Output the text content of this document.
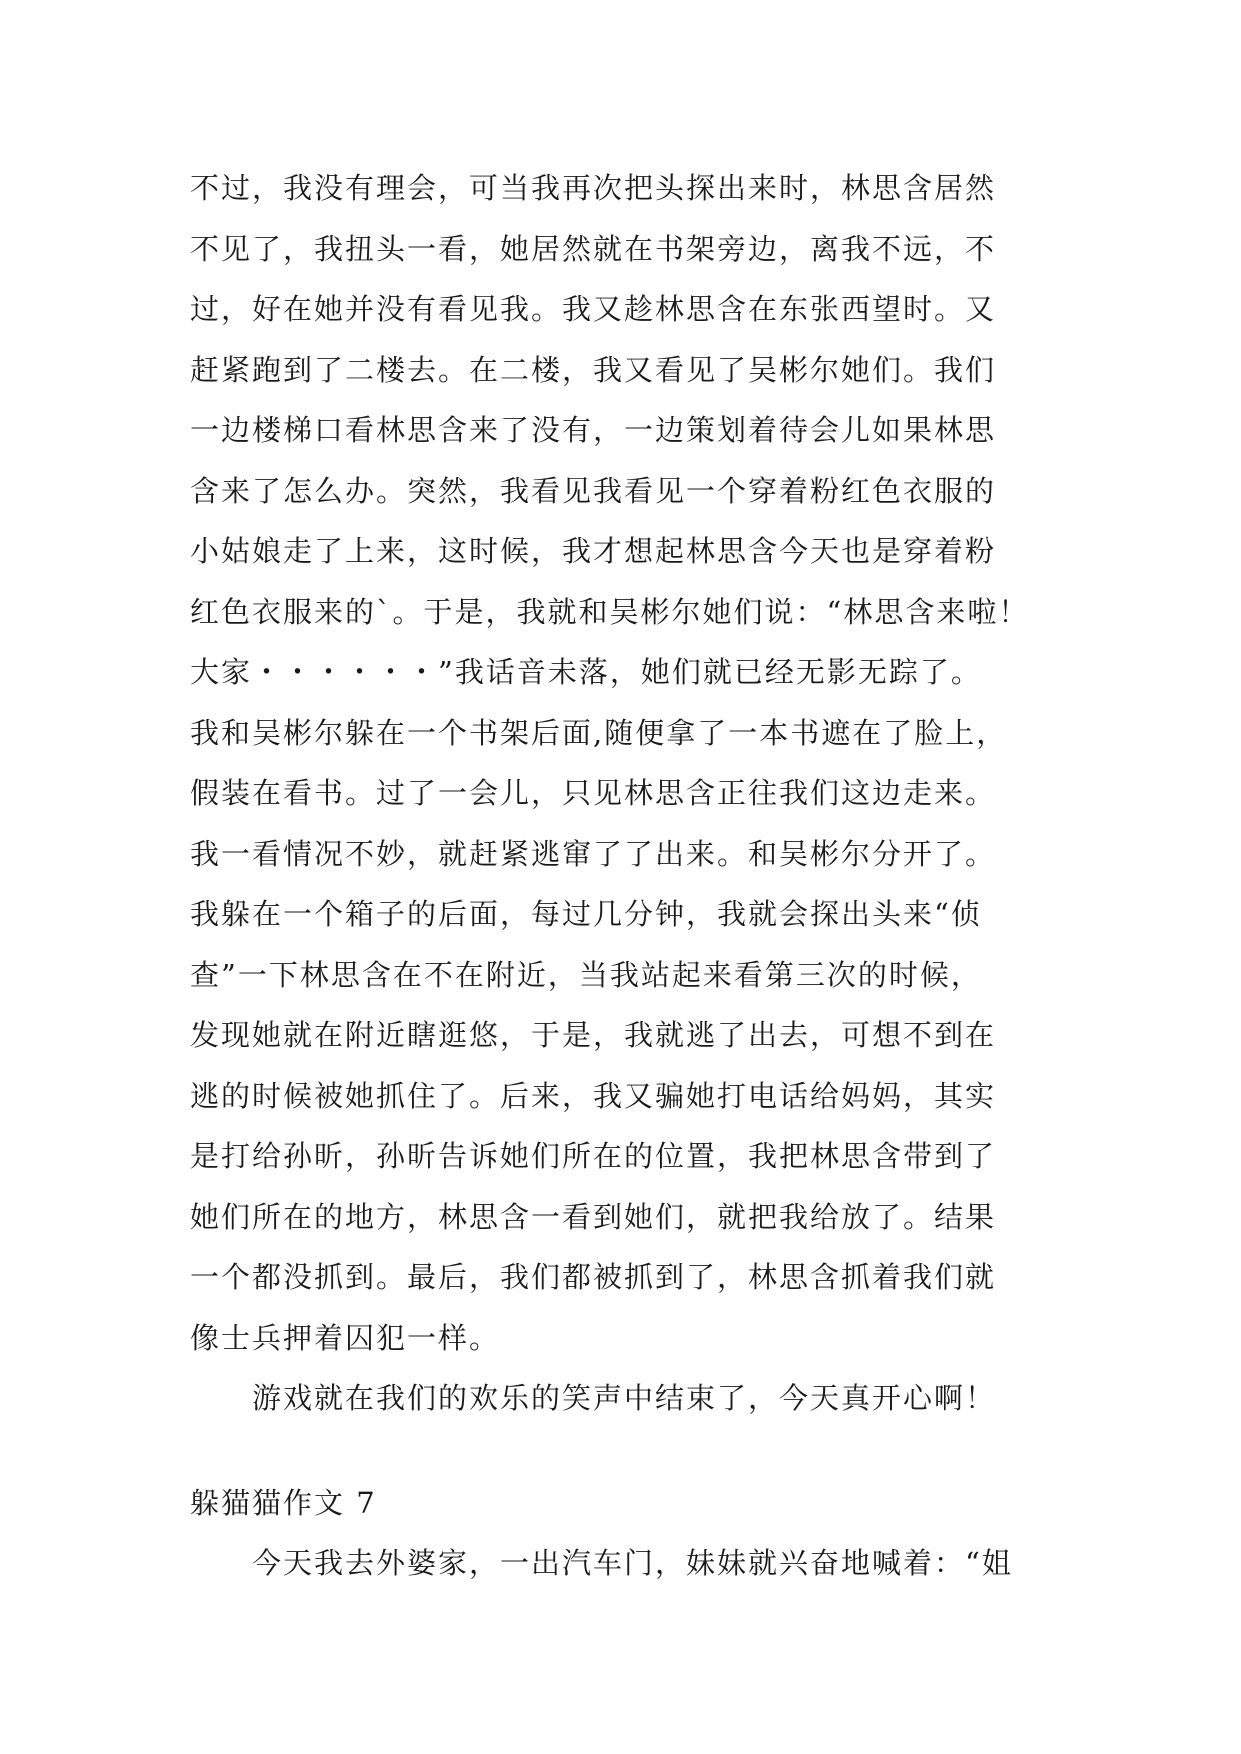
不过，我没有理会，可当我再次把头探出来时，林思含居然
不见了，我扭头一看，她居然就在书架旁边，离我不远，不
过，好在她并没有看见我。我又趁林思含在东张西望时。又
赶紧跑到了二楼去。在二楼，我又看见了吴彬尔她们。我们
一边楼梯口看林思含来了没有，一边策划着待会儿如果林思
含来了怎么办。突然，我看见我看见一个穿着粉红色衣服的
小姑娘走了上来，这时候，我才想起林思含今天也是穿着粉
红色衣服来的`。于是，我就和吴彬尔她们说：“林思含来啦！
大家・・・・・・”我话音未落，她们就已经无影无踪了。
我和吴彬尔躲在一个书架后面,随便拿了一本书遮在了脸上，
假装在看书。过了一会儿，只见林思含正往我们这边走来。
我一看情况不妙，就赶紧逃窜了了出来。和吴彬尔分开了。
我躲在一个箱子的后面，每过几分钟，我就会探出头来“侦
查”一下林思含在不在附近，当我站起来看第三次的时候，
发现她就在附近瞎逛悠，于是，我就逃了出去，可想不到在
逃的时候被她抓住了。后来，我又骗她打电话给妈妈，其实
是打给孙昕，孙昕告诉她们所在的位置，我把林思含带到了
她们所在的地方，林思含一看到她们，就把我给放了。结果
一个都没抓到。最后，我们都被抓到了，林思含抓着我们就
像士兵押着囚犯一样。
游戏就在我们的欢乐的笑声中结束了，今天真开心啊！
躲猫猫作文 7
今天我去外婆家，一出汽车门，妹妹就兴奋地喊着：“姐
